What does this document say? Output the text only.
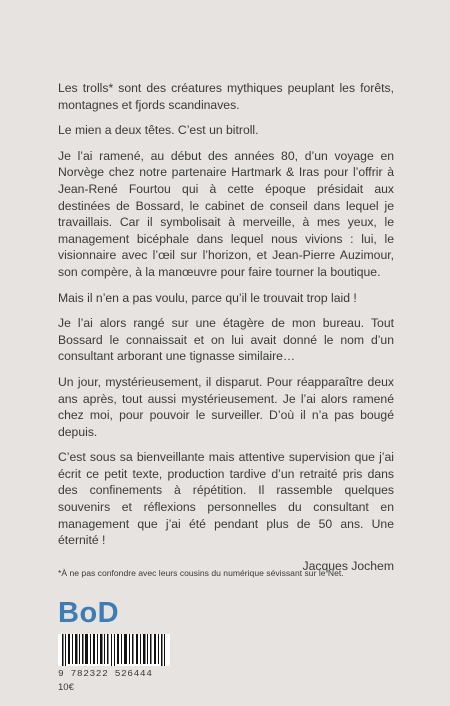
Les trolls* sont des créatures mythiques peuplant les forêts, montagnes et fjords scandinaves.

Le mien a deux têtes. C’est un bitroll.

Je l’ai ramené, au début des années 80, d’un voyage en Norvège chez notre partenaire Hartmark & Iras pour l’offrir à Jean-René Fourtou qui à cette époque présidait aux destinées de Bossard, le cabinet de conseil dans lequel je travaillais. Car il symbolisait à merveille, à mes yeux, le management bicéphale dans lequel nous vivions : lui, le visionnaire avec l’œil sur l’horizon, et Jean-Pierre Auzimour, son compère, à la manœuvre pour faire tourner la boutique.

Mais il n’en a pas voulu, parce qu’il le trouvait trop laid !

Je l’ai alors rangé sur une étagère de mon bureau. Tout Bossard le connaissait et on lui avait donné le nom d’un consultant arborant une tignasse similaire…

Un jour, mystérieusement, il disparut. Pour réapparaître deux ans après, tout aussi mystérieusement. Je l’ai alors ramené chez moi, pour pouvoir le surveiller. D’où il n’a pas bougé depuis.

C’est sous sa bienveillante mais attentive supervision que j’ai écrit ce petit texte, production tardive d’un retraité pris dans des confinements à répétition. Il rassemble quelques souvenirs et réflexions personnelles du consultant en management que j’ai été pendant plus de 50 ans. Une éternité !

Jacques Jochem

*À ne pas confondre avec leurs cousins du numérique sévissant sur le Net.
BoD
9 782322 526444
10€
